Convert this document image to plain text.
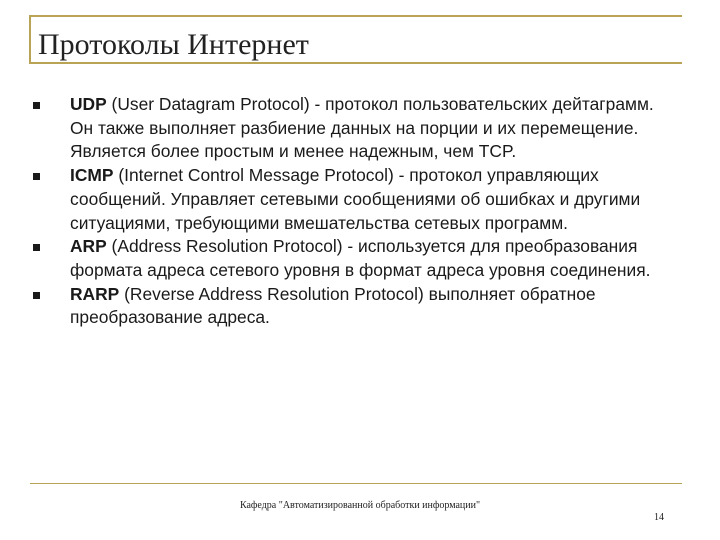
Протоколы Интернет
UDP (User Datagram Protocol) - протокол пользовательских дейтаграмм. Он также выполняет разбиение данных на порции и их перемещение. Является более простым и менее надежным, чем TCP.
ICMP (Internet Control Message Protocol) - протокол управляющих сообщений. Управляет сетевыми сообщениями об ошибках и другими ситуациями, требующими вмешательства сетевых программ.
ARP (Address Resolution Protocol) - используется для преобразования формата адреса сетевого уровня в формат адреса уровня соединения.
RARP (Reverse Address Resolution Protocol) выполняет обратное преобразование адреса.
Кафедра "Автоматизированной обработки информации"
14
